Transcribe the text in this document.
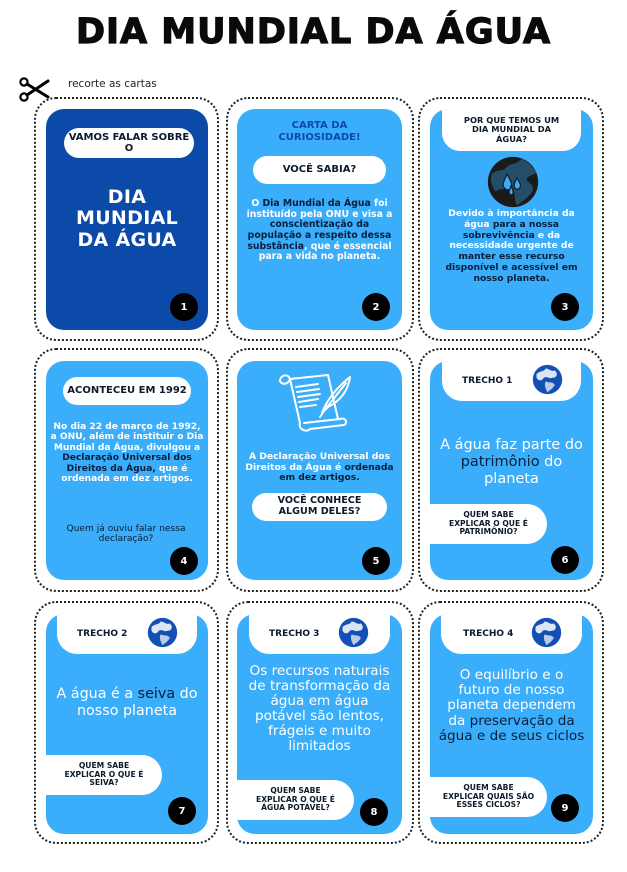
DIA MUNDIAL DA ÁGUA
recorte as cartas
VAMOS FALAR SOBRE O
DIA
MUNDIAL
DA ÁGUA
1
CARTA DA CURIOSIDADE!
VOCÊ SABIA?
O Dia Mundial da Água foi instituído pela ONU e visa a conscientização da população a respeito dessa substância, que é essencial para a vida no planeta.
2
POR QUE TEMOS UM DIA MUNDIAL DA ÁGUA?
Devido à importância da água para a nossa sobrevivência e da necessidade urgente de manter esse recurso disponível e acessível em nosso planeta.
3
ACONTECEU EM 1992
No dia 22 de março de 1992, a ONU, além de instituir o Dia Mundial da Água, divulgou a Declaração Universal dos Direitos da Água, que é ordenada em dez artigos.
Quem já ouviu falar nessa declaração?
4
A Declaração Universal dos Direitos da Água é ordenada em dez artigos.
VOCÊ CONHECE ALGUM DELES?
5
TRECHO 1
A água faz parte do patrimônio do planeta
QUEM SABE EXPLICAR O QUE É PATRIMÔNIO?
6
TRECHO 2
A água é a seiva do nosso planeta
QUEM SABE EXPLICAR O QUE É SEIVA?
7
TRECHO 3
Os recursos naturais de transformação da água em água potável são lentos, frágeis e muito limitados
QUEM SABE EXPLICAR O QUE É ÁGUA POTÁVEL?	8
TRECHO 4
O equilíbrio e o futuro de nosso planeta dependem da preservação da água e de seus ciclos
QUEM SABE EXPLICAR QUAIS SÃO ESSES CICLOS?	9
